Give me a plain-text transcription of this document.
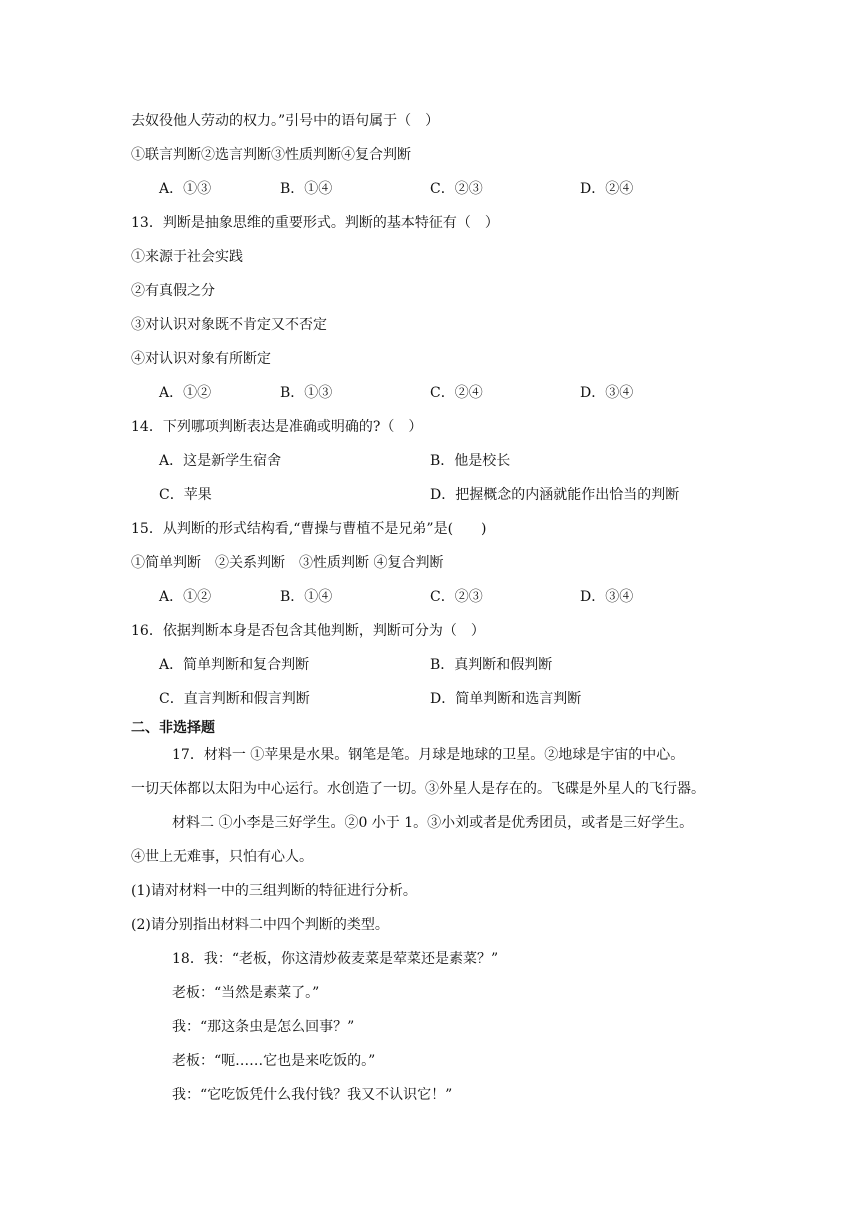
去奴役他人劳动的权力。”引号中的语句属于（　）
①联言判断②选言判断③性质判断④复合判断
A．①③	B．①④	C．②③	D．②④
13．判断是抽象思维的重要形式。判断的基本特征有（　）
①来源于社会实践
②有真假之分
③对认识对象既不肯定又不否定
④对认识对象有所断定
A．①②	B．①③	C．②④	D．③④
14．下列哪项判断表达是准确或明确的?（　）
A．这是新学生宿舍	B．他是校长
C．苹果	D．把握概念的内涵就能作出恰当的判断
15．从判断的形式结构看,“曹操与曹植不是兄弟”是(　　)
①简单判断　②关系判断　③性质判断 ④复合判断
A．①②	B．①④	C．②③	D．③④
16．依据判断本身是否包含其他判断，判断可分为（　）
A．简单判断和复合判断	B．真判断和假判断
C．直言判断和假言判断	D．简单判断和选言判断
二、非选择题
17．材料一 ①苹果是水果。钢笔是笔。月球是地球的卫星。②地球是宇宙的中心。
一切天体都以太阳为中心运行。水创造了一切。③外星人是存在的。飞碟是外星人的飞行器。
材料二 ①小李是三好学生。②0 小于 1。③小刘或者是优秀团员，或者是三好学生。
④世上无难事，只怕有心人。
(1)请对材料一中的三组判断的特征进行分析。
(2)请分别指出材料二中四个判断的类型。
18．我：“老板，你这清炒莜麦菜是荤菜还是素菜？”
老板：“当然是素菜了。”
我：“那这条虫是怎么回事？”
老板：“呃……它也是来吃饭的。”
我：“它吃饭凭什么我付钱？我又不认识它！”
